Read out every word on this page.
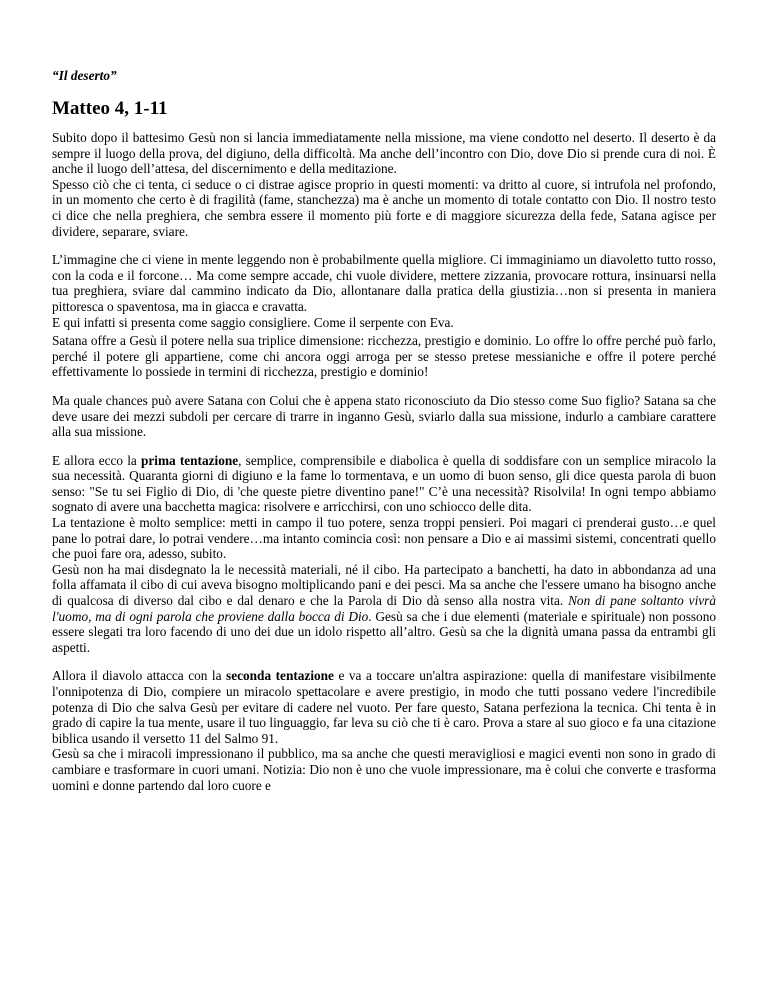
“Il deserto”
Matteo 4, 1-11

Subito dopo il battesimo Gesù non si lancia immediatamente nella missione, ma viene condotto nel deserto. Il deserto è da sempre il luogo della prova, del digiuno, della difficoltà. Ma anche dell’incontro con Dio, dove Dio si prende cura di noi. È anche il luogo dell’attesa, del discernimento e della meditazione.

Spesso ciò che ci tenta, ci seduce o ci distrae agisce proprio in questi momenti: va dritto al cuore, si intrufola nel profondo, in un momento che certo è di fragilità (fame, stanchezza) ma è anche un momento di totale contatto con Dio. Il nostro testo ci dice che nella preghiera, che sembra essere il momento più forte e di maggiore sicurezza della fede, Satana agisce per dividere, separare, sviare.

L’immagine che ci viene in mente leggendo non è probabilmente quella migliore. Ci immaginiamo un diavoletto tutto rosso, con la coda e il forcone… Ma come sempre accade, chi vuole dividere, mettere zizzania, provocare rottura, insinuarsi nella tua preghiera, sviare dal cammino indicato da Dio, allontanare dalla pratica della giustizia…non si presenta in maniera pittoresca o spaventosa, ma in giacca e cravatta.

E qui infatti si presenta come saggio consigliere. Come il serpente con Eva.

Satana offre a Gesù il potere nella sua triplice dimensione: ricchezza, prestigio e dominio. Lo offre lo offre perché può farlo, perché il potere gli appartiene, come chi ancora oggi arroga per se stesso pretese messianiche e offre il potere perché effettivamente lo possiede in termini di ricchezza, prestigio e dominio!

Ma quale chances può avere Satana con Colui che è appena stato riconosciuto da Dio stesso come Suo figlio? Satana sa che deve usare dei mezzi subdoli per cercare di trarre in inganno Gesù, sviarlo dalla sua missione, indurlo a cambiare carattere alla sua missione.

E allora ecco la prima tentazione, semplice, comprensibile e diabolica è quella di soddisfare con un semplice miracolo la sua necessità. Quaranta giorni di digiuno e la fame lo tormentava, e un uomo di buon senso, gli dice questa parola di buon senso: "Se tu sei Figlio di Dio, di 'che queste pietre diventino pane!" C’è una necessità? Risolvila! In ogni tempo abbiamo sognato di avere una bacchetta magica: risolvere e arricchirsi, con uno schiocco delle dita.

La tentazione è molto semplice: metti in campo il tuo potere, senza troppi pensieri. Poi magari ci prenderai gusto…e quel pane lo potrai dare, lo potrai vendere…ma intanto comincia così: non pensare a Dio e ai massimi sistemi, concentrati quello che puoi fare ora, adesso, subito.

Gesù non ha mai disdegnato la le necessità materiali, né il cibo. Ha partecipato a banchetti, ha dato in abbondanza ad una folla affamata il cibo di cui aveva bisogno moltiplicando pani e dei pesci. Ma sa anche che l'essere umano ha bisogno anche di qualcosa di diverso dal cibo e dal denaro e che la Parola di Dio dà senso alla nostra vita. Non di pane soltanto vivrà l'uomo, ma di ogni parola che proviene dalla bocca di Dio. Gesù sa che i due elementi (materiale e spirituale) non possono essere slegati tra loro facendo di uno dei due un idolo rispetto all’altro. Gesù sa che la dignità umana passa da entrambi gli aspetti.

Allora il diavolo attacca con la seconda tentazione e va a toccare un'altra aspirazione: quella di manifestare visibilmente l'onnipotenza di Dio, compiere un miracolo spettacolare e avere prestigio, in modo che tutti possano vedere l'incredibile potenza di Dio che salva Gesù per evitare di cadere nel vuoto. Per fare questo, Satana perfeziona la tecnica. Chi tenta è in grado di capire la tua mente, usare il tuo linguaggio, far leva su ciò che ti è caro. Prova a stare al suo gioco e fa una citazione biblica usando il versetto 11 del Salmo 91.

Gesù sa che i miracoli impressionano il pubblico, ma sa anche che questi meravigliosi e magici eventi non sono in grado di cambiare e trasformare in cuori umani. Notizia: Dio non è uno che vuole impressionare, ma è colui che converte e trasforma uomini e donne partendo dal loro cuore e
